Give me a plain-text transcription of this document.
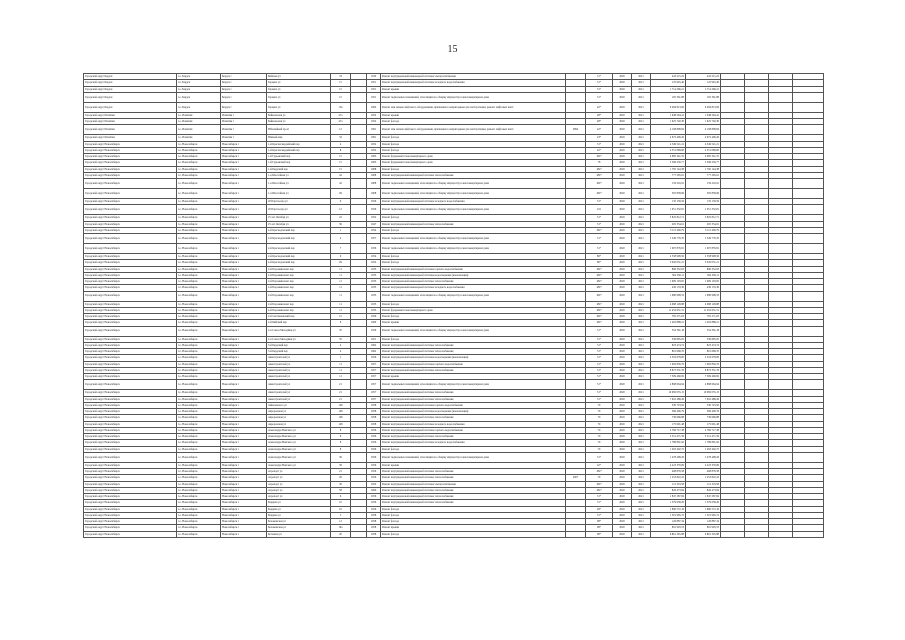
15
Городской округ Бердск	г.о. Бердск	Бердск г	Бийская ул	33		1932	Ремонт внутридомовой инженерной системы электроснабжения		51*	2020	2021	443 215,22	443 215,22				
Городской округ Бердск	г.о. Бердск	Бердск г	Герцена ул	15		1951	Ремонт внутридомовой инженерной системы холодного водоснабжения		51*	2020	2021	125 945,40	125 945,40				
Городской округ Бердск	г.о. Бердск	Бердск г	Герцена ул	15		1951	Ремонт крыши		51*	2020	2021	1 714 266,21	1 714 266,21				
Городской округ Бердск	г.о. Бердск	Бердск г	Герцена ул	15		1951	Ремонт подвальных помещений, относящихся к общему имуществу в многоквартирном доме		51*	2020	2021	165 361,88	165 361,88				
Городской округ Бердск	г.о. Бердск	Бердск г	Герцена ул	15к		1904	Ремонт или замена лифтового оборудования, признанного непригодным для эксплуатации, ремонт лифтовых шахт		42*	2020	2021	6 284 813,06	6 284 813,06				
Городской округ Искитим	г.о. Искитим	Искитим г	Байкальская ул	47а		1952	Ремонт крыши		48*	2020	2021	1 948 264,41	1 948 264,41				
Городской округ Искитим	г.о. Искитим	Искитим г	Байкальская ул	47а		1952	Ремонт фасада		48*	2020	2021	1 625 740,30	1 625 740,30				
Городской округ Искитим	г.о. Искитим	Искитим г	Юбилейный пр-кт	12		1991	Ремонт или замена лифтового оборудования, признанного непригодным для эксплуатации, ремонт лифтовых шахт	2892	42*	2020	2021	4 108 808,84	4 108 808,84				
Городской округ Искитим	г.о. Искитим	Искитим г	Южный мкр	32		1991	Ремонт фасада		43*	2020	2021	4 672 496,26	4 672 496,26				
Городской округ Новосибирск	г.о. Новосибирск	Новосибирск г	1-й Красногвардейский пер	4		1952	Ремонт фасада		51*	2020	2021	4 349 521,21	4 349 521,21				
Городской округ Новосибирск	г.о. Новосибирск	Новосибирск г	1-й Красногвардейский пер	8		1952	Ремонт фасада		42*	2020	2021	4 351 089,60	4 351 089,60				
Городской округ Новосибирск	г.о. Новосибирск	Новосибирск г	1-й Гурьевский пер	15		1963	Ремонт фундамента многоквартирного дома		184*	2020	2021	4 085 341,55	4 085 341,55				
Городской округ Новосибирск	г.о. Новосибирск	Новосибирск г	1-й Гурьевский пер	15		1963	Ремонт фундамента многоквартирного дома		78	2020	2021	5 596 230,77	5 596 230,77				
Городской округ Новосибирск	г.о. Новосибирск	Новосибирск г	1-й Бердский пер	15		1908	Ремонт фасада		184*	2020	2021	1 795 144,38	1 795 144,38				
Городской округ Новосибирск	г.о. Новосибирск	Новосибирск г	1-я Шоссейная ул	42		1908	Ремонт внутридомовой инженерной системы теплоснабжения		184*	2020	2021	777 265,61	777 265,61				
Городской округ Новосибирск	г.о. Новосибирск	Новосибирск г	1-я Шоссейная ул	42		1908	Ремонт подвальных помещений, относящихся к общему имуществу в многоквартирном доме		184*	2020	2021	159 216,91	159 216,91				
Городской округ Новосибирск	г.о. Новосибирск	Новосибирск г	1-я Шоссейная ул	151		1908	Ремонт подвальных помещений, относящихся к общему имуществу в многоквартирном доме		184*	2020	2021	305 858,96	305 858,96				
Городской округ Новосибирск	г.о. Новосибирск	Новосибирск г	20 Партсъезда ул	9		1956	Ремонт внутридомовой инженерной системы холодного водоснабжения		51*	2020	2021	135 139,56	135 139,56				
Городской округ Новосибирск	г.о. Новосибирск	Новосибирск г	20 Партсъезда ул	12		1956	Ремонт подвальных помещений, относящихся к общему имуществу в многоквартирном доме		161	2020	2021	1 051 332,81	1 051 332,81				
Городской округ Новосибирск	г.о. Новосибирск	Новосибирск г	25 лет Октября ул	22		1952	Ремонт фасада		51*	2020	2021	5 825 812,71	5 825 812,71				
Городской округ Новосибирск	г.о. Новосибирск	Новосибирск г	25 лет Октября ул	36		1947	Ремонт внутридомовой инженерной системы теплоснабжения		51*	2020	2021	205 354,61	205 354,61				
Городской округ Новосибирск	г.о. Новосибирск	Новосибирск г	2-й Краснодонский пер	1		1954	Ремонт фасада		184*	2020	2021	3 115 400,79	3 115 400,79				
Городской округ Новосибирск	г.о. Новосибирск	Новосибирск г	2-й Краснодонский пер	4		1957	Ремонт подвальных помещений, относящихся к общему имуществу в многоквартирном доме		51*	2020	2021	1 349 776,35	1 349 776,35				
Городской округ Новосибирск	г.о. Новосибирск	Новосибирск г	2-й Краснодонский пер	7		1956	Ремонт подвальных помещений, относящихся к общему имуществу в многоквартирном доме		51*	2020	2021	1 007 876,81	1 007 876,81				
Городской округ Новосибирск	г.о. Новосибирск	Новосибирск г	2-й Краснодонский пер	9		1954	Ремонт фасада		86*	2020	2021	2 558 998,56	2 558 998,56				
Городской округ Новосибирск	г.о. Новосибирск	Новосибирск г	2-й Краснодонский пер	151		1954	Ремонт фасада		86*	2020	2021	3 945 051,21	3 945 051,21				
Городской округ Новосибирск	г.о. Новосибирск	Новосибирск г	2-й Порожинскаяс пер	11		1933	Ремонт внутридомовой инженерной системы горячего водоснабжения		184*	2020	2021	890 352,63	890 352,63				
Городской округ Новосибирск	г.о. Новосибирск	Новосибирск г	2-й Порожинскаяс пер	11		1933	Ремонт внутридомовой инженерной системы водоотведения (канализации)		184*	2020	2021	362 236,11	362 236,11				
Городской округ Новосибирск	г.о. Новосибирск	Новосибирск г	2-й Порожинскаяс пер	11		1933	Ремонт внутридомовой инженерной системы теплоснабжения		184*	2020	2021	1 909 103,65	1 909 103,65				
Городской округ Новосибирск	г.о. Новосибирск	Новосибирск г	2-й Порожинскаяс пер	11		1933	Ремонт внутридомовой инженерной системы холодного водоснабжения		184*	2020	2021	436 133,36	436 133,36				
Городской округ Новосибирск	г.о. Новосибирск	Новосибирск г	2-й Порожинскаяс пер	11		1933	Ремонт подвальных помещений, относящихся к общему имуществу в многоквартирном доме		184*	2020	2021	1 080 908,53	1 080 908,53				
Городской округ Новосибирск	г.о. Новосибирск	Новосибирск г	2-й Порожинскаяс пер	11		1933	Ремонт фасада		184*	2020	2021	4 098 128,88	4 098 128,88				
Городской округ Новосибирск	г.о. Новосибирск	Новосибирск г	2-й Порожинскаяс пер	11		1933	Ремонт фундамента многоквартирного дома		184*	2020	2021	11 452 651,31	11 452 651,31				
Городской округ Новосибирск	г.о. Новосибирск	Новосибирск г	2-й Светлановский пер	12		1959	Ремонт фасада		184*	2020	2021	765 271,63	765 271,63				
Городской округ Новосибирск	г.о. Новосибирск	Новосибирск г	2-й Бийский пер	6		1960	Ремонт крыши		184*	2020	2021	1 402 888,21	1 402 888,21				
Городской округ Новосибирск	г.о. Новосибирск	Новосибирск г	2-я Союза Молодёжи ул	35		1959	Ремонт подвальных помещений, относящихся к общему имуществу в многоквартирном доме		51*	2020	2021	354 361,18	354 361,18				
Городской округ Новосибирск	г.о. Новосибирск	Новосибирск г	2-я Союза Молодёжи ул	35		1951	Ремонт фасада		51*	2020	2021	336 895,05	336 895,05				
Городской округ Новосибирск	г.о. Новосибирск	Новосибирск г	3-й Бердский пер	4		1962	Ремонт внутридомовой инженерной системы теплоснабжения		51*	2020	2021	823 474,74	823 474,74				
Городской округ Новосибирск	г.о. Новосибирск	Новосибирск г	3-й Бердский пер	4		1962	Ремонт внутридомовой инженерной системы теплоснабжения		51*	2020	2021	801 668,70	801 668,70				
Городской округ Новосибирск	г.о. Новосибирск	Новосибирск г	Авиастроителей ул	1		1956	Ремонт внутридомовой инженерной системы водоотведения (канализации)		51*	2020	2021	2 316 678,00	2 316 678,00				
Городской округ Новосибирск	г.о. Новосибирск	Новосибирск г	Авиастроителей ул	11		1957	Ремонт внутридомовой инженерной системы горячего водоснабжения		51*	2020	2021	1 993 856,76	1 993 856,76				
Городской округ Новосибирск	г.о. Новосибирск	Новосибирск г	Авиастроителей ул	11		1957	Ремонт внутридомовой инженерной системы теплоснабжения		51*	2020	2021	6 873 331,76	6 873 331,76				
Городской округ Новосибирск	г.о. Новосибирск	Новосибирск г	Авиастроителей ул	11		1957	Ремонт крыши		51*	2020	2021	7 309 460,82	7 309 460,82				
Городской округ Новосибирск	г.о. Новосибирск	Новосибирск г	Авиастроителей ул	21		1957	Ремонт подвальных помещений, относящихся к общему имуществу в многоквартирном доме		51*	2020	2021	4 898 664,94	4 898 664,94				
Городской округ Новосибирск	г.о. Новосибирск	Новосибирск г	Авиастроителей ул	21		1957	Ремонт внутридомовой инженерной системы теплоснабжения		51*	2020	2021	10 082 055,15	10 082 055,15				
Городской округ Новосибирск	г.о. Новосибирск	Новосибирск г	Авиастроителей ул	21		1957	Ремонт внутридомовой инженерной системы теплоснабжения		51*	2020	2021	7 610 488,26	7 610 488,26				
Городской округ Новосибирск	г.о. Новосибирск	Новосибирск г	Айвазовского ул	148		1958	Ремонт внутридомовой инженерной системы горячего водоснабжения		79	2020	2021	330 723,92	330 723,92				
Городской округ Новосибирск	г.о. Новосибирск	Новосибирск г	Авроровская ул	148		1958	Ремонт внутридомовой инженерной системы водоотведения (канализации)		79	2020	2021	366 400,79	366 400,79				
Городской округ Новосибирск	г.о. Новосибирск	Новосибирск г	Авроровская ул	148		1958	Ремонт внутридомовой инженерной системы теплоснабжения		79	2020	2021	736 666,88	736 666,88				
Городской округ Новосибирск	г.о. Новосибирск	Новосибирск г	Авроровская ул	148		1958	Ремонт внутридомовой инженерной системы холодного водоснабжения		79	2020	2021	175 691,48	175 691,48				
Городской округ Новосибирск	г.о. Новосибирск	Новосибирск г	Александра Невского ул	8		1956	Ремонт внутридомовой инженерной системы горячего водоснабжения		79	2020	2021	2 766 717,38	2 766 717,38				
Городской округ Новосибирск	г.о. Новосибирск	Новосибирск г	Александра Невского ул	8		1956	Ремонт внутридомовой инженерной системы теплоснабжения		79	2020	2021	3 512 471,56	3 512 471,56				
Городской округ Новосибирск	г.о. Новосибирск	Новосибирск г	Александра Невского ул	8		1956	Ремонт внутридомовой инженерной системы холодного водоснабжения		79	2020	2021	1 786 891,92	1 786 891,92				
Городской округ Новосибирск	г.о. Новосибирск	Новосибирск г	Александра Невского ул	8		1956	Ремонт фасада		79	2020	2021	1 263 402,75	1 263 402,75				
Городской округ Новосибирск	г.о. Новосибирск	Новосибирск г	Александра Невского ул	36		1956	Ремонт подвальных помещений, относящихся к общему имуществу в многоквартирном доме		51*	2020	2021	1 478 498,26	1 478 498,26				
Городской округ Новосибирск	г.о. Новосибирск	Новосибирск г	Александра Невского ул	36		1956	Ремонт крыши		42*	2020	2021	4 223 370,69	4 223 370,69				
Городской округ Новосибирск	г.о. Новосибирск	Новосибирск г	Аэропорт ул	21		1956	Ремонт внутридомовой инженерной системы теплоснабжения		184*	2020	2021	408 876,58	408 876,58				
Городской округ Новосибирск	г.о. Новосибирск	Новосибирск г	Аэропорт ул	26		1956	Ремонт внутридомовой инженерной системы теплоснабжения	2007	79	2020	2021	1 253 822,22	1 253 822,22				
Городской округ Новосибирск	г.о. Новосибирск	Новосибирск г	Аэропорт ул	36		1952	Ремонт внутридомовой инженерной системы электроснабжения		184*	2020	2021	112 319,58	112 319,58				
Городской округ Новосибирск	г.о. Новосибирск	Новосибирск г	Аэропорт ул	58		1960	Ремонт внутридомовой инженерной системы теплоснабжения		184*	2020	2021	826 473,84	826 473,84				
Городской округ Новосибирск	г.о. Новосибирск	Новосибирск г	Аэропорт ул	6		1956	Ремонт внутридомовой инженерной системы теплоснабжения		51*	2020	2021	1 847 287,84	1 847 287,84				
Городской округ Новосибирск	г.о. Новосибирск	Новосибирск г	Бардина ул	10		1956	Ремонт внутридомовой инженерной системы теплоснабжения		51*	2020	2021	1 379 638,20	1 379 638,20				
Городской округ Новосибирск	г.о. Новосибирск	Новосибирск г	Бардина ул	10		1956	Ремонт фасада		48*	2020	2021	1 890 572,16	1 890 572,16				
Городской округ Новосибирск	г.о. Новосибирск	Новосибирск г	Бардина ул	5		1958	Ремонт фасада		51*	2020	2021	1 501 965,72	1 501 965,72				
Городской округ Новосибирск	г.о. Новосибирск	Новосибирск г	Беловежская ул	12		1958	Ремонт фасада		98*	2020	2021	126 887,34	126 887,34				
Городской округ Новосибирск	г.о. Новосибирск	Новосибирск г	Беловежская ул	19а		1958	Ремонт крыши		98*	2020	2021	891 903,53	891 903,53				
Городской округ Новосибирск	г.о. Новосибирск	Новосибирск г	Бетонная ул	20		1958	Ремонт фасада		98*	2020	2021	6 861 345,88	6 861 345,88				
